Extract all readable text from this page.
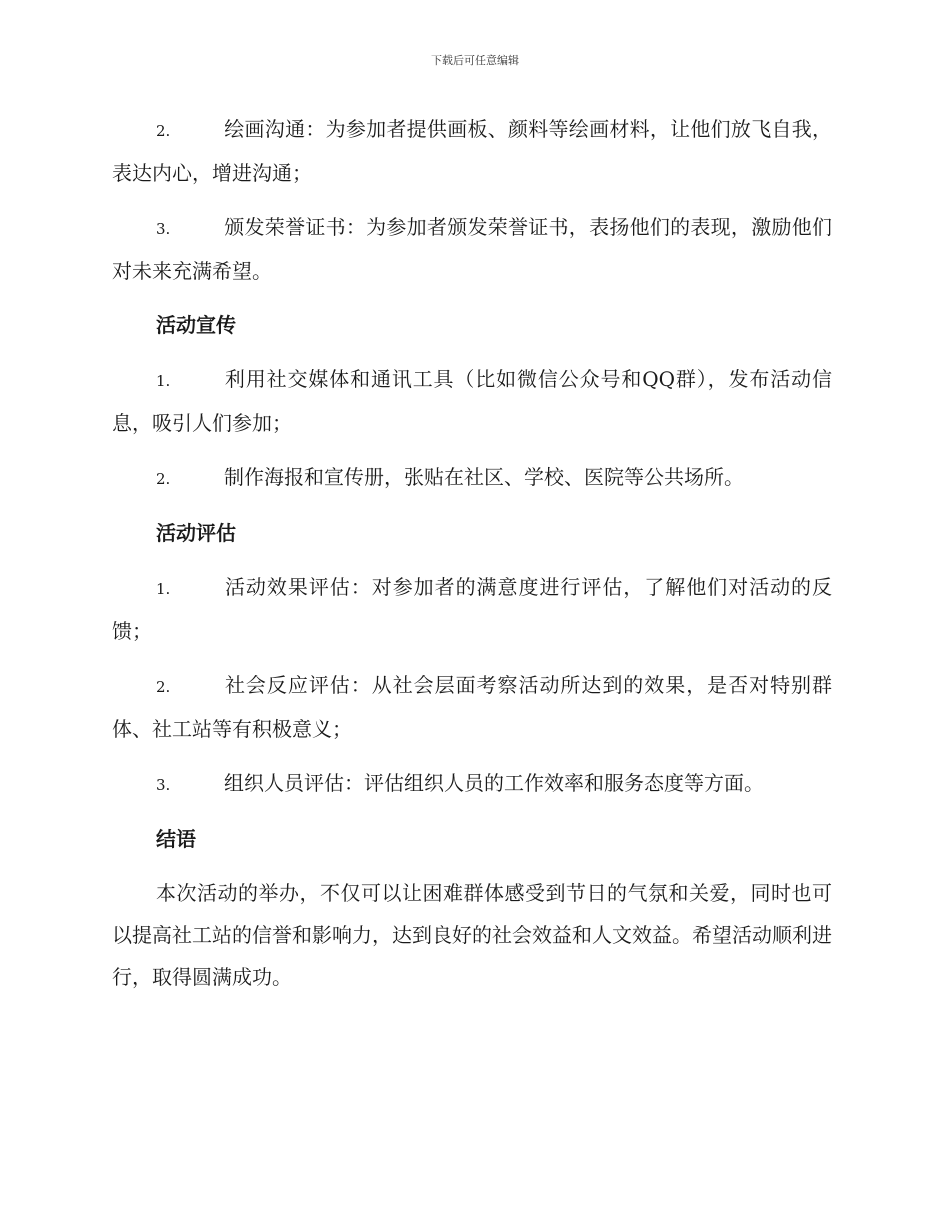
下载后可任意编辑

2.	绘画沟通：为参加者提供画板、颜料等绘画材料，让他们放飞自我，表达内心，增进沟通；

3.	颁发荣誉证书：为参加者颁发荣誉证书，表扬他们的表现，激励他们对未来充满希望。

活动宣传

1.	利用社交媒体和通讯工具（比如微信公众号和QQ群），发布活动信息，吸引人们参加；

2.	制作海报和宣传册，张贴在社区、学校、医院等公共场所。

活动评估

1.	活动效果评估：对参加者的满意度进行评估，了解他们对活动的反馈；

2.	社会反应评估：从社会层面考察活动所达到的效果，是否对特别群体、社工站等有积极意义；

3.	组织人员评估：评估组织人员的工作效率和服务态度等方面。

结语

本次活动的举办，不仅可以让困难群体感受到节日的气氛和关爱，同时也可以提高社工站的信誉和影响力，达到良好的社会效益和人文效益。希望活动顺利进行，取得圆满成功。
